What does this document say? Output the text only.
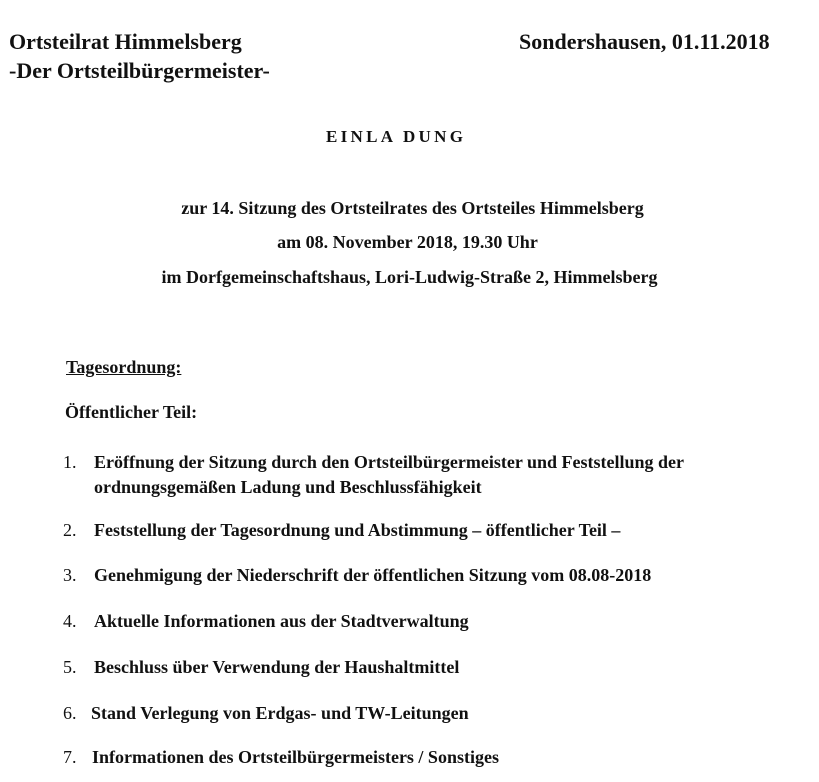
Ortsteilrat Himmelsberg
-Der Ortsteilbürgermeister-
Sondershausen, 01.11.2018
EINLA DUNG
zur 14. Sitzung des Ortsteilrates des Ortsteiles Himmelsberg
am 08. November 2018, 19.30 Uhr
im Dorfgemeinschaftshaus, Lori-Ludwig-Straße 2, Himmelsberg
Tagesordnung:
Öffentlicher Teil:
1. Eröffnung der Sitzung durch den Ortsteilbürgermeister und Feststellung der ordnungsgemäßen Ladung und Beschlussfähigkeit
2. Feststellung der Tagesordnung und Abstimmung – öffentlicher Teil –
3. Genehmigung der Niederschrift der öffentlichen Sitzung vom 08.08-2018
4. Aktuelle Informationen aus der Stadtverwaltung
5. Beschluss über Verwendung der Haushaltmittel
6. Stand Verlegung von Erdgas- und TW-Leitungen
7. Informationen des Ortsteilbürgermeisters / Sonstiges
